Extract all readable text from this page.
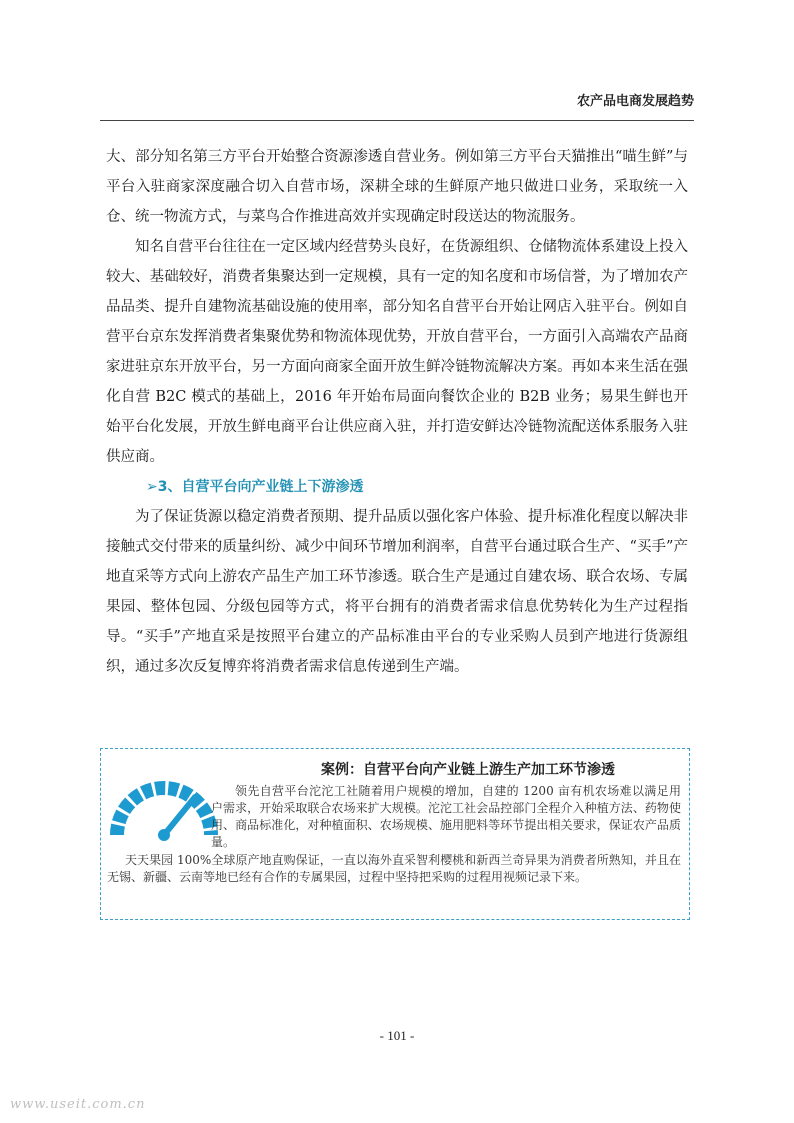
农产品电商发展趋势

大、部分知名第三方平台开始整合资源渗透自营业务。例如第三方平台天猫推出“喵生鲜”与平台入驻商家深度融合切入自营市场，深耕全球的生鲜原产地只做进口业务，采取统一入仓、统一物流方式，与菜鸟合作推进高效并实现确定时段送达的物流服务。

知名自营平台往往在一定区域内经营势头良好，在货源组织、仓储物流体系建设上投入较大、基础较好，消费者集聚达到一定规模，具有一定的知名度和市场信誉，为了增加农产品品类、提升自建物流基础设施的使用率，部分知名自营平台开始让网店入驻平台。例如自营平台京东发挥消费者集聚优势和物流体现优势，开放自营平台，一方面引入高端农产品商家进驻京东开放平台，另一方面向商家全面开放生鲜冷链物流解决方案。再如本来生活在强化自营 B2C 模式的基础上，2016 年开始布局面向餐饮企业的 B2B 业务；易果生鲜也开始平台化发展，开放生鲜电商平台让供应商入驻，并打造安鲜达冷链物流配送体系服务入驻供应商。

➢3、自营平台向产业链上下游渗透

为了保证货源以稳定消费者预期、提升品质以强化客户体验、提升标准化程度以解决非接触式交付带来的质量纠纷、减少中间环节增加利润率，自营平台通过联合生产、“买手”产地直采等方式向上游农产品生产加工环节渗透。联合生产是通过自建农场、联合农场、专属果园、整体包园、分级包园等方式，将平台拥有的消费者需求信息优势转化为生产过程指导。“买手”产地直采是按照平台建立的产品标准由平台的专业采购人员到产地进行货源组织，通过多次反复博弈将消费者需求信息传递到生产端。

案例：自营平台向产业链上游生产加工环节渗透
领先自营平台沱沱工社随着用户规模的增加，自建的 1200 亩有机农场难以满足用户需求，开始采取联合农场来扩大规模。沱沱工社会品控部门全程介入种植方法、药物使用、商品标准化，对种植面积、农场规模、施用肥料等环节提出相关要求，保证农产品质量。
天天果园 100%全球原产地直购保证，一直以海外直采智利樱桃和新西兰奇异果为消费者所熟知，并且在无锡、新疆、云南等地已经有合作的专属果园，过程中坚持把采购的过程用视频记录下来。
- 101 -
www.useit.com.cn
